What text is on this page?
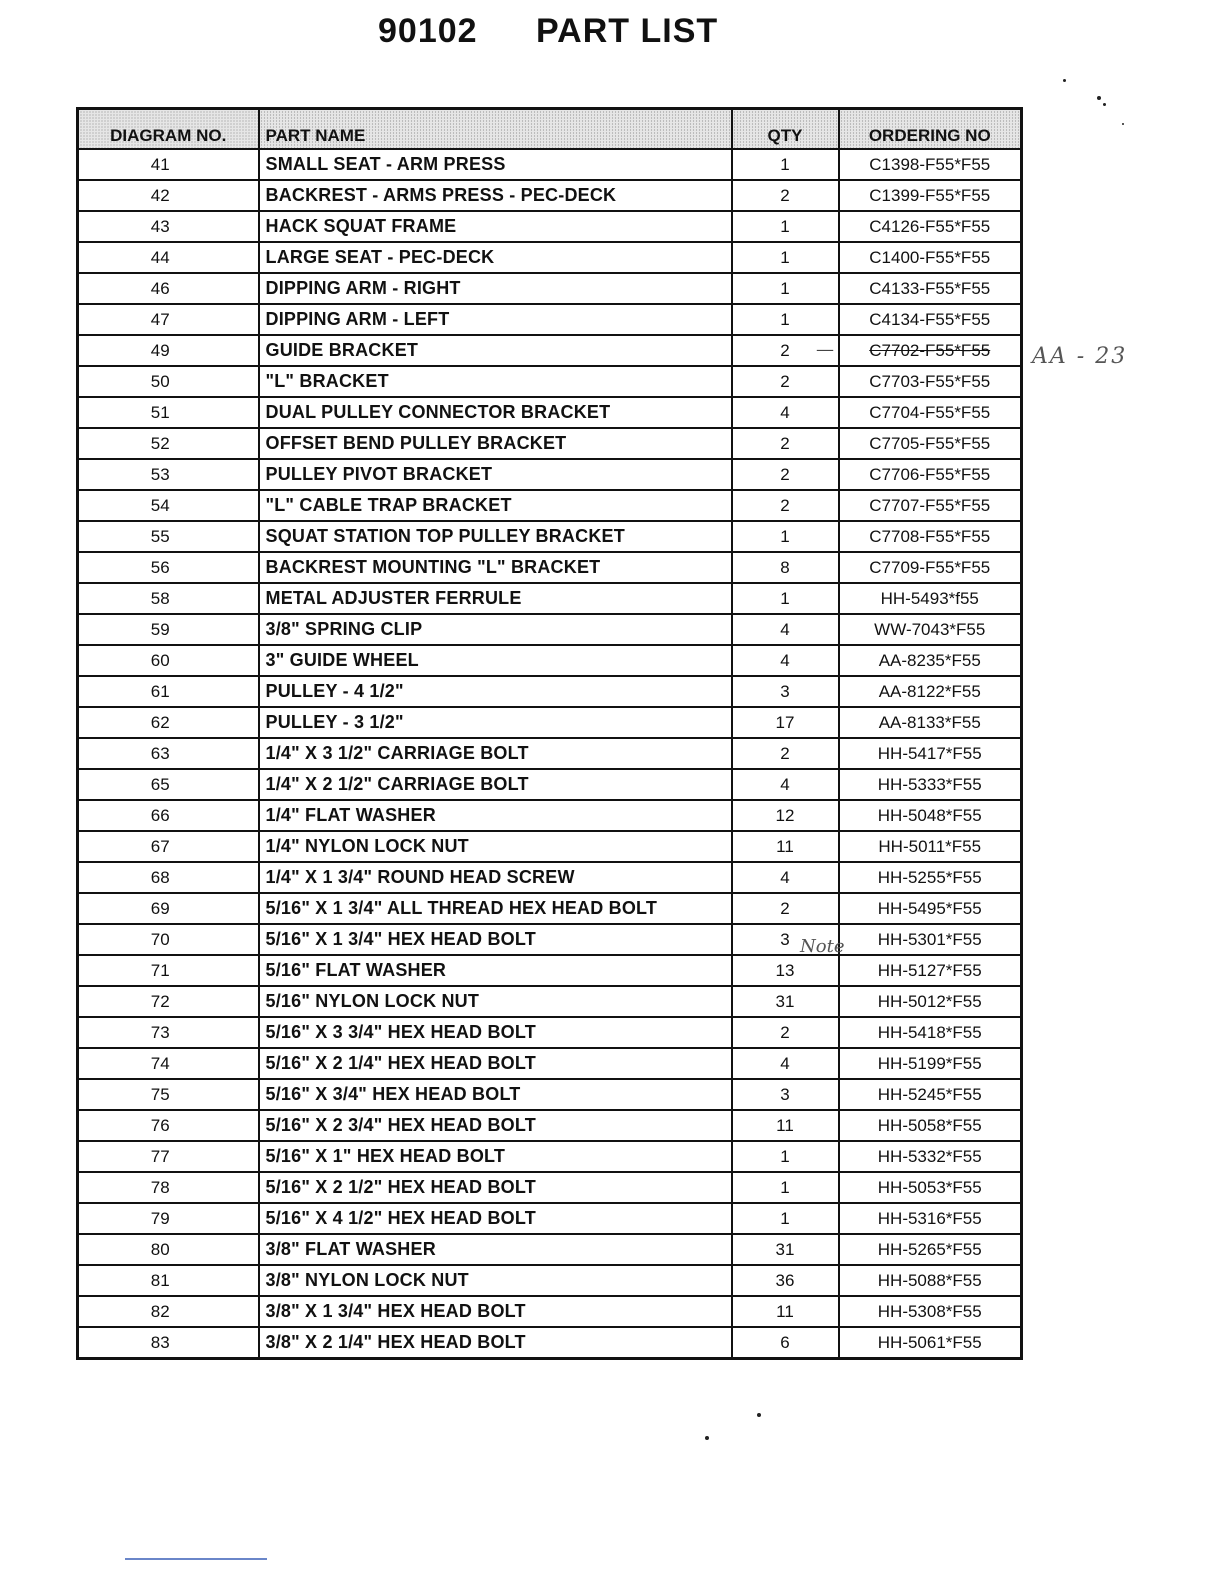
90102 PART LIST
DIAGRAM NO.	PART NAME	QTY	ORDERING NO
41	SMALL SEAT - ARM PRESS	1	C1398-F55*F55
42	BACKREST - ARMS PRESS - PEC-DECK	2	C1399-F55*F55
43	HACK SQUAT FRAME	1	C4126-F55*F55
44	LARGE SEAT - PEC-DECK	1	C1400-F55*F55
46	DIPPING ARM - RIGHT	1	C4133-F55*F55
47	DIPPING ARM - LEFT	1	C4134-F55*F55
49	GUIDE BRACKET	2	C7702-F55*F55
50	"L" BRACKET	2	C7703-F55*F55
51	DUAL PULLEY CONNECTOR BRACKET	4	C7704-F55*F55
52	OFFSET BEND PULLEY BRACKET	2	C7705-F55*F55
53	PULLEY PIVOT BRACKET	2	C7706-F55*F55
54	"L" CABLE TRAP BRACKET	2	C7707-F55*F55
55	SQUAT STATION TOP PULLEY BRACKET	1	C7708-F55*F55
56	BACKREST MOUNTING "L" BRACKET	8	C7709-F55*F55
58	METAL ADJUSTER FERRULE	1	HH-5493*f55
59	3/8" SPRING CLIP	4	WW-7043*F55
60	3" GUIDE WHEEL	4	AA-8235*F55
61	PULLEY - 4 1/2"	3	AA-8122*F55
62	PULLEY - 3 1/2"	17	AA-8133*F55
63	1/4" X 3 1/2" CARRIAGE BOLT	2	HH-5417*F55
65	1/4" X 2 1/2" CARRIAGE BOLT	4	HH-5333*F55
66	1/4" FLAT WASHER	12	HH-5048*F55
67	1/4" NYLON LOCK NUT	11	HH-5011*F55
68	1/4" X 1 3/4" ROUND HEAD SCREW	4	HH-5255*F55
69	5/16" X 1 3/4" ALL THREAD HEX HEAD BOLT	2	HH-5495*F55
70	5/16" X 1 3/4" HEX HEAD BOLT	3	HH-5301*F55
71	5/16" FLAT WASHER	13	HH-5127*F55
72	5/16" NYLON LOCK NUT	31	HH-5012*F55
73	5/16" X 3 3/4" HEX HEAD BOLT	2	HH-5418*F55
74	5/16" X 2 1/4" HEX HEAD BOLT	4	HH-5199*F55
75	5/16" X 3/4" HEX HEAD BOLT	3	HH-5245*F55
76	5/16" X 2 3/4" HEX HEAD BOLT	11	HH-5058*F55
77	5/16" X 1" HEX HEAD BOLT	1	HH-5332*F55
78	5/16" X 2 1/2" HEX HEAD BOLT	1	HH-5053*F55
79	5/16" X 4 1/2" HEX HEAD BOLT	1	HH-5316*F55
80	3/8" FLAT WASHER	31	HH-5265*F55
81	3/8" NYLON LOCK NUT	36	HH-5088*F55
82	3/8" X 1 3/4" HEX HEAD BOLT	11	HH-5308*F55
83	3/8" X 2 1/4" HEX HEAD BOLT	6	HH-5061*F55
—	AA - 23
Note
